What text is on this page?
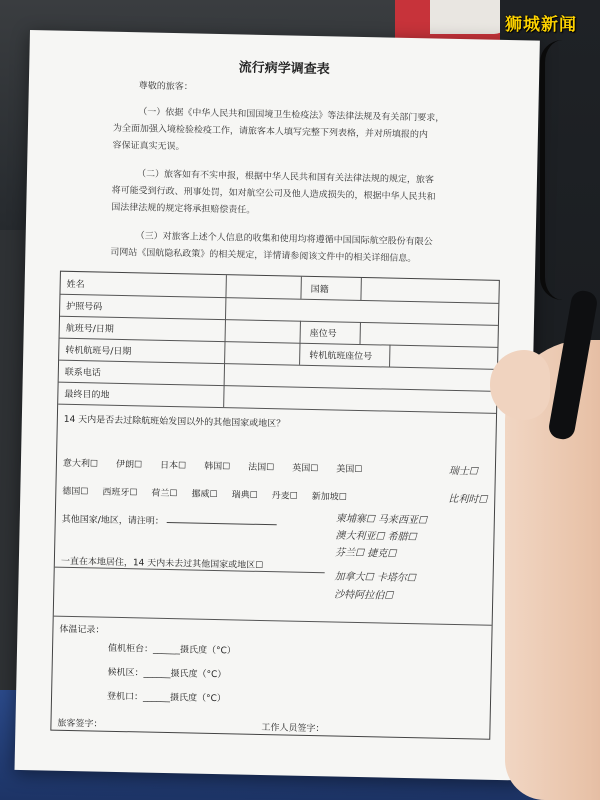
狮城新闻
流行病学调查表
尊敬的旅客：
（一）依据《中华人民共和国国境卫生检疫法》等法律法规及有关部门要求，
为全面加强入境检验检疫工作，请旅客本人填写完整下列表格，并对所填报的内
容保证真实无误。
（二）旅客如有不实申报，根据中华人民共和国有关法律法规的规定，旅客
将可能受到行政、刑事处罚，如对航空公司及他人造成损失的，根据中华人民共和
国法律法规的规定将承担赔偿责任。
（三）对旅客上述个人信息的收集和使用均将遵循中国国际航空股份有限公
司网站《国航隐私政策》的相关规定，详情请参阅该文件中的相关详细信息。
姓名	国籍
护照号码
航班号/日期	座位号
转机航班号/日期	转机航班座位号
联系电话
最终目的地
14 天内是否去过除航班始发国以外的其他国家或地区？
意大利☐ 伊朗☐ 日本☐ 韩国☐ 法国☐ 英国☐ 美国☐	瑞士☐
德国☐ 西班牙☐ 荷兰☐ 挪威☐ 瑞典☐ 丹麦☐ 新加坡☐	比利时☐
其他国家/地区，请注明：	柬埔寨☐ 马来西亚☐
澳大利亚☐ 希腊☐
芬兰☐ 捷克☐
加拿大☐ 卡塔尔☐
沙特阿拉伯☐
一直在本地居住，14 天内未去过其他国家或地区☐
体温记录：
值机柜台：______摄氏度（°C）
候机区：______摄氏度（°C）
登机口：______摄氏度（°C）
旅客签字：	工作人员签字：
